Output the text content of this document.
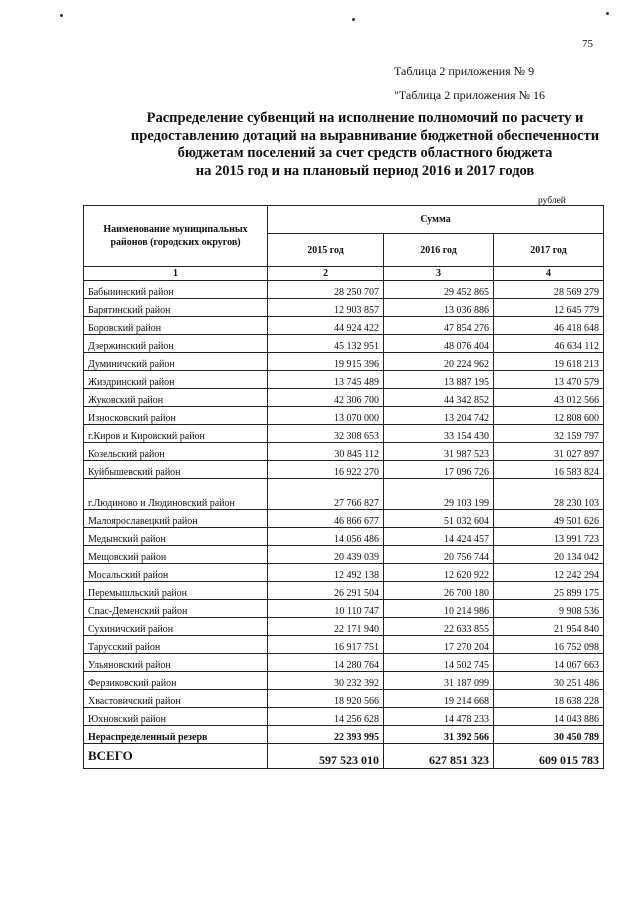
75
Таблица 2 приложения № 9
"Таблица 2 приложения № 16
Распределение субвенций на исполнение полномочий по расчету и
предоставлению дотаций на выравнивание бюджетной обеспеченности
бюджетам поселений за счет средств областного бюджета
на 2015 год и на плановый период 2016 и 2017 годов
рублей
Наименование муниципальных районов (городских округов)	Сумма		
	2015 год	2016 год	2017 год
1	2	3	4
Бабынинский район	28 250 707	29 452 865	28 569 279
Барятинский район	12 903 857	13 036 886	12 645 779
Боровский район	44 924 422	47 854 276	46 418 648
Дзержинский район	45 132 951	48 076 404	46 634 112
Думиничский район	19 915 396	20 224 962	19 618 213
Жиздринский район	13 745 489	13 887 195	13 470 579
Жуковский район	42 306 700	44 342 852	43 012 566
Износковский район	13 070 000	13 204 742	12 808 600
г.Киров и Кировский район	32 308 653	33 154 430	32 159 797
Козельский район	30 845 112	31 987 523	31 027 897
Куйбышевский район	16 922 270	17 096 726	16 583 824
г.Людиново и Людиновский район	27 766 827	29 103 199	28 230 103
Малоярославецкий район	46 866 677	51 032 604	49 501 626
Медынский район	14 056 486	14 424 457	13 991 723
Мещовский район	20 439 039	20 756 744	20 134 042
Мосальский район	12 492 138	12 620 922	12 242 294
Перемышльский район	26 291 504	26 700 180	25 899 175
Спас-Деменский район	10 110 747	10 214 986	9 908 536
Сухиничский район	22 171 940	22 633 855	21 954 840
Тарусский район	16 917 751	17 270 204	16 752 098
Ульяновский район	14 280 764	14 502 745	14 067 663
Ферзиковский район	30 232 392	31 187 099	30 251 486
Хвастовичский район	18 920 566	19 214 668	18 638 228
Юхновский район	14 256 628	14 478 233	14 043 886
Нераспределенный резерв	22 393 995	31 392 566	30 450 789
ВСЕГО	597 523 010	627 851 323	609 015 783
